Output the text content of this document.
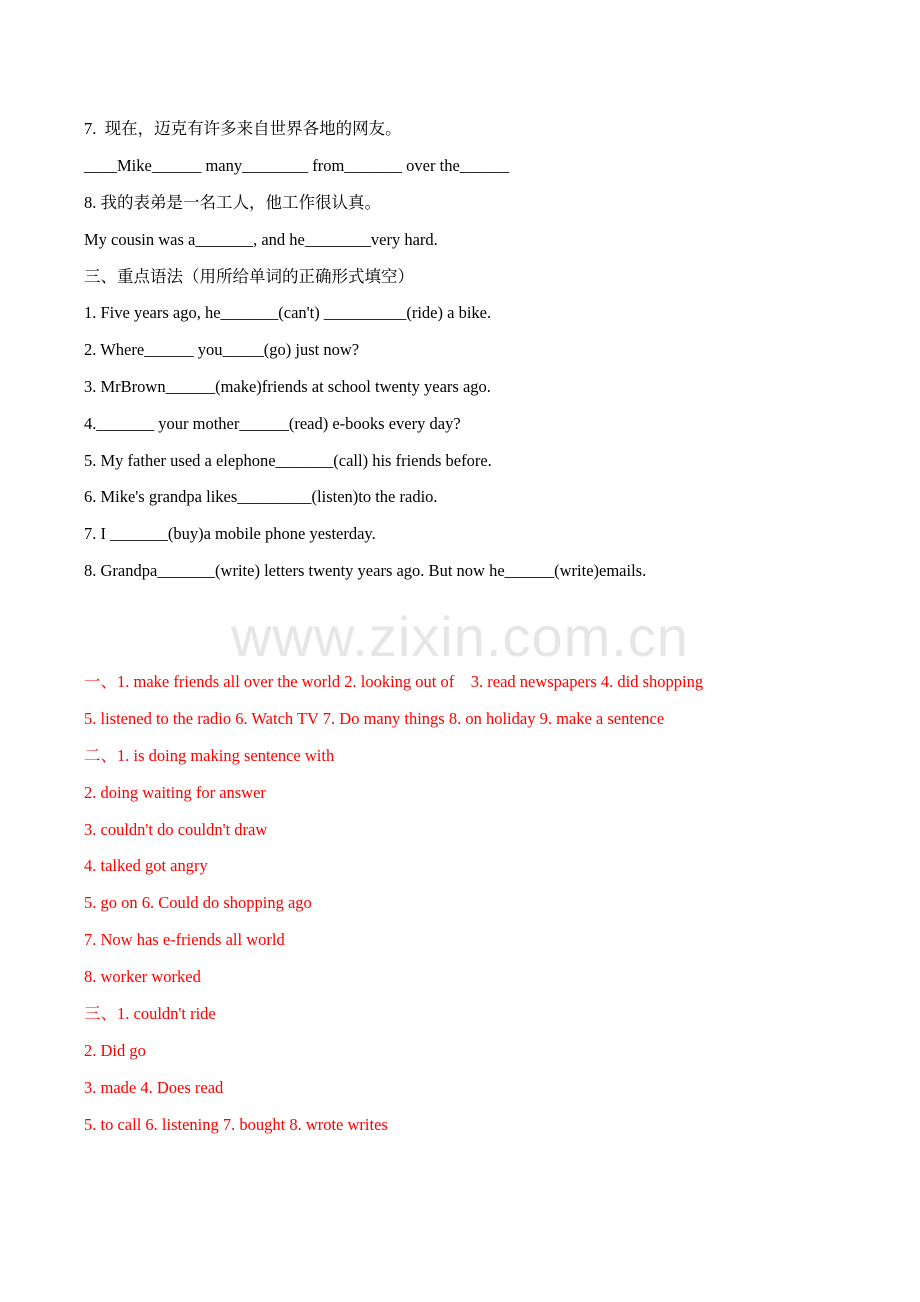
7.  现在，迈克有许多来自世界各地的网友。
____Mike______ many________ from_______ over the______
8. 我的表弟是一名工人，他工作很认真。
My cousin was a_______, and he________very hard.
三、重点语法（用所给单词的正确形式填空）
1. Five years ago, he_______(can't) __________(ride) a bike.
2. Where______ you_____(go) just now?
3. MrBrown______(make)friends at school twenty years ago.
4._______ your mother______(read) e-books every day?
5. My father used a elephone_______(call) his friends before.
6. Mike's grandpa likes_________(listen)to the radio.
7. I _______(buy)a mobile phone yesterday.
8. Grandpa_______(write) letters twenty years ago. But now he______(write)emails.
www.zixin.com.cn
一、1. make friends all over the world 2. looking out of    3. read newspapers 4. did shopping
5. listened to the radio 6. Watch TV 7. Do many things 8. on holiday 9. make a sentence
二、1. is doing making sentence with
2. doing waiting for answer
3. couldn't do couldn't draw
4. talked got angry
5. go on 6. Could do shopping ago
7. Now has e-friends all world
8. worker worked
三、1. couldn't ride
2. Did go
3. made 4. Does read
5. to call 6. listening 7. bought 8. wrote writes
